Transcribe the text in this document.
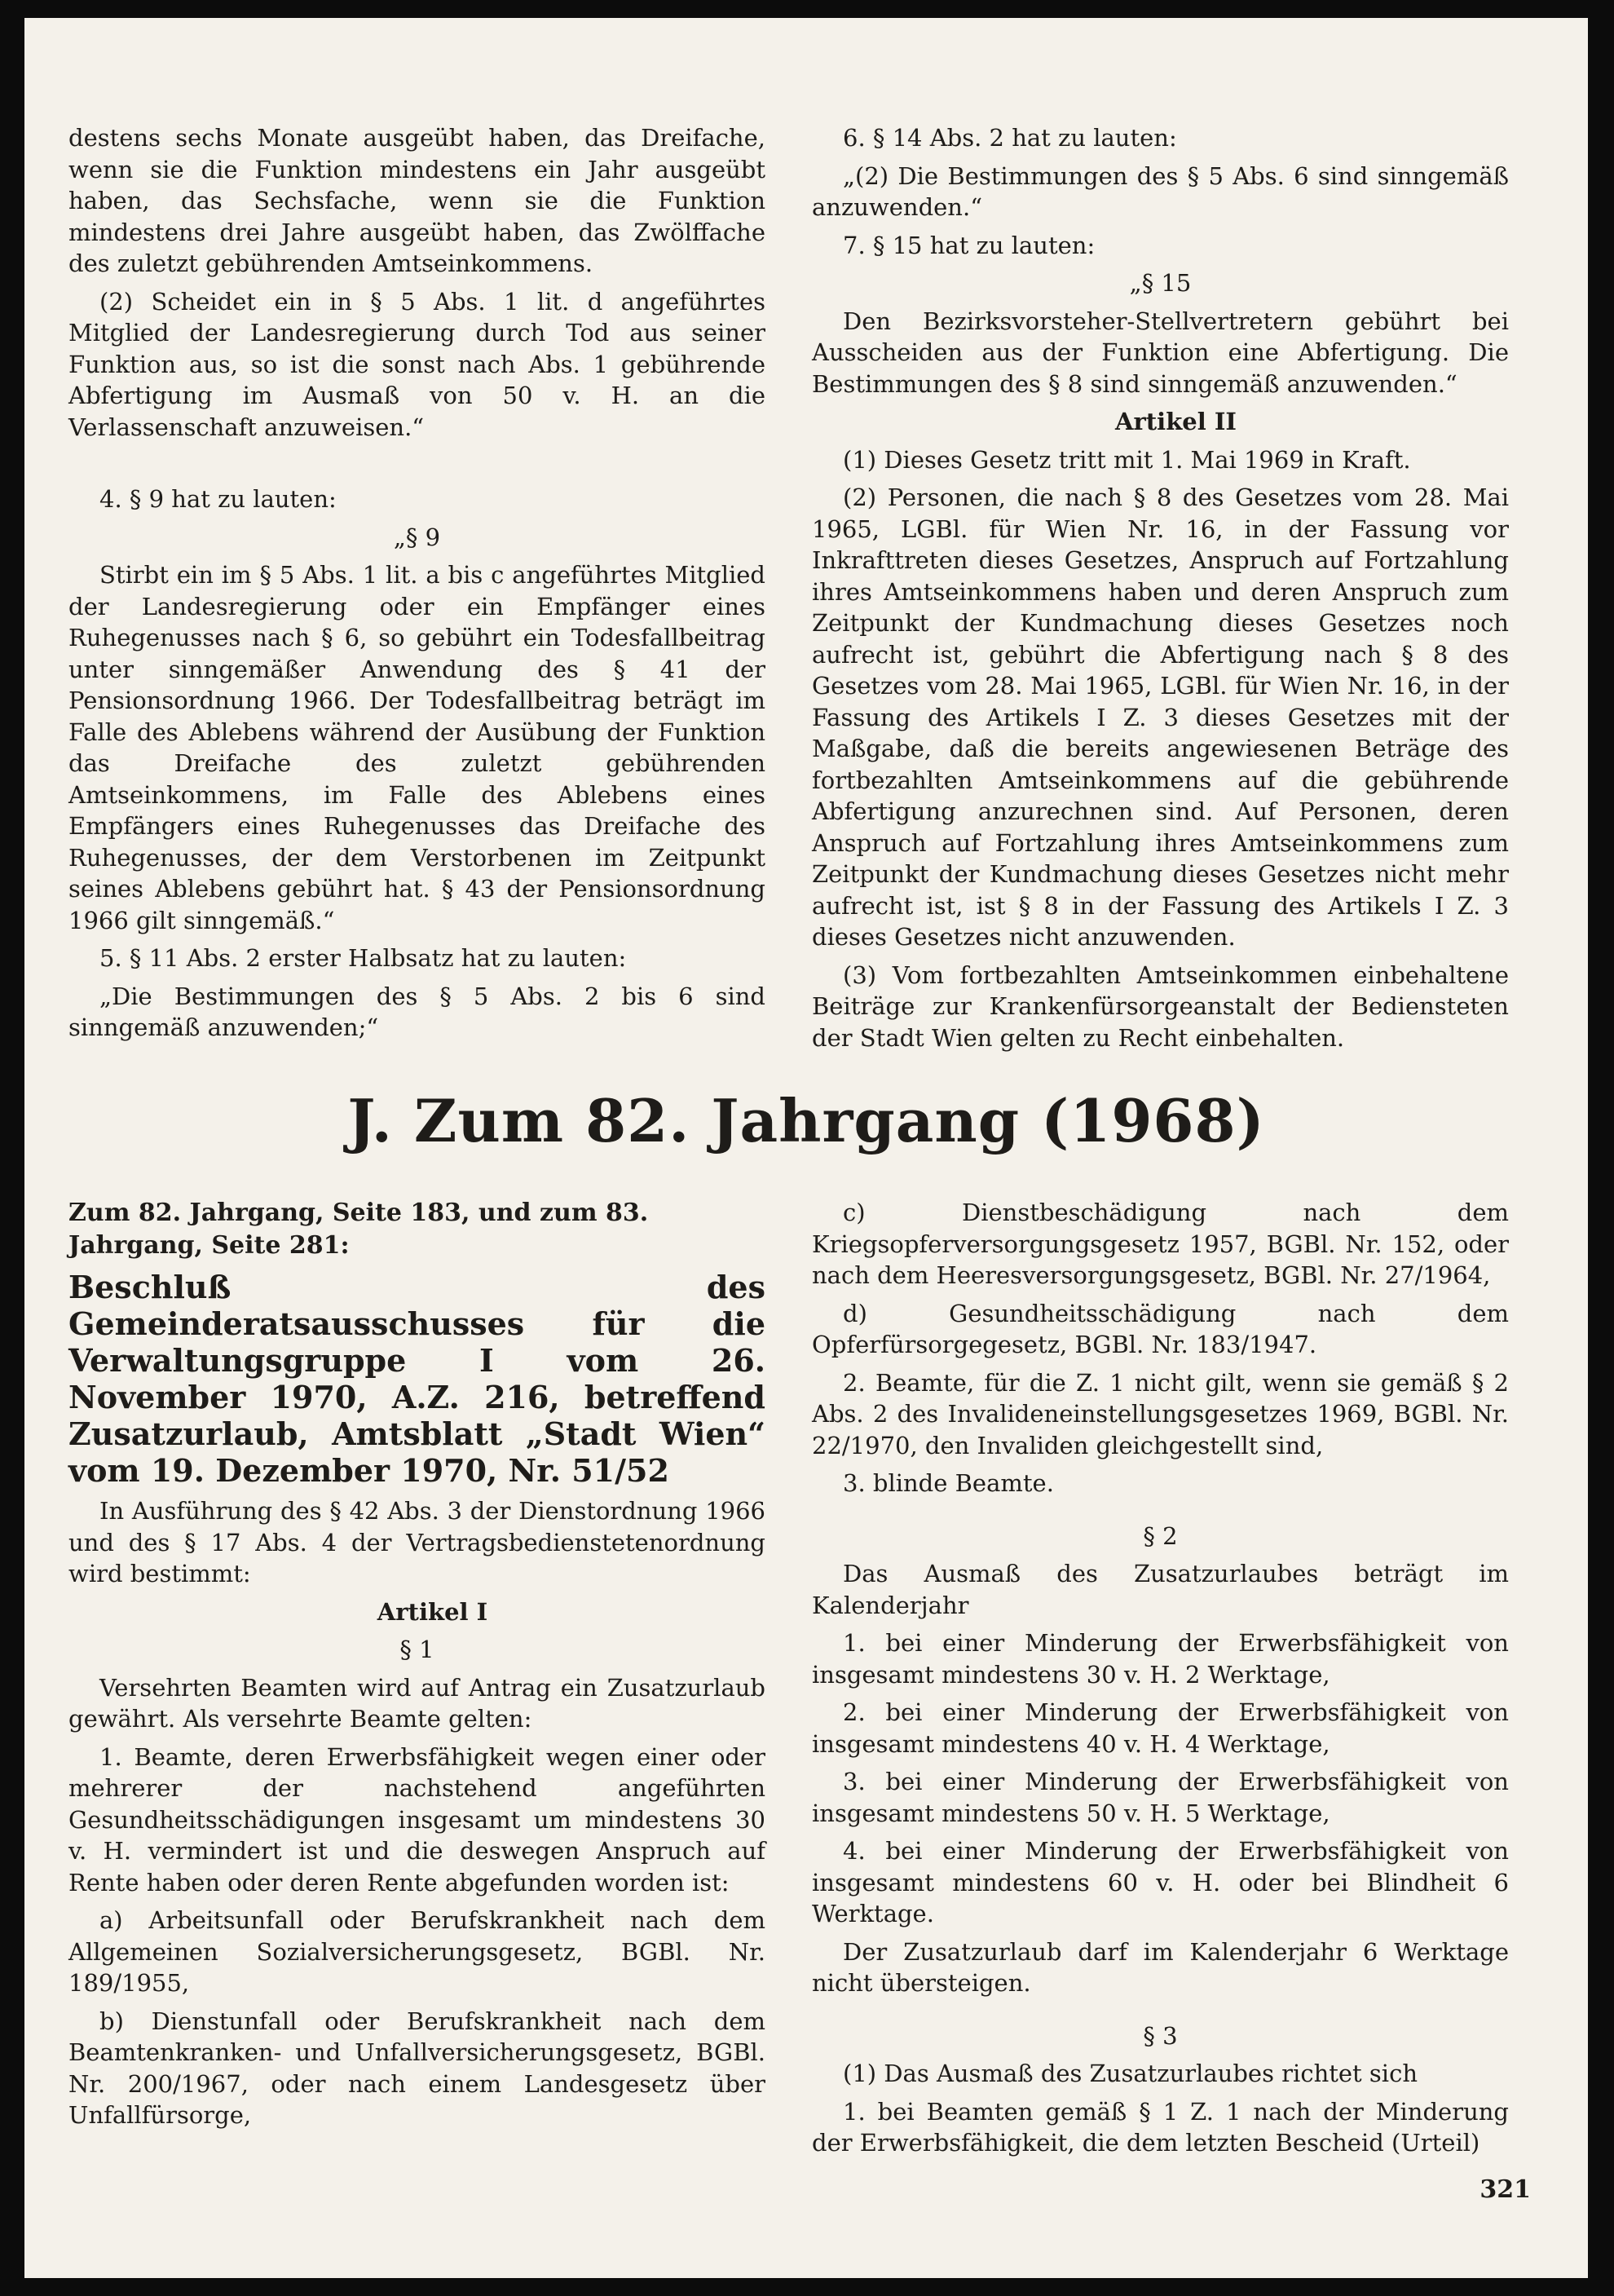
destens sechs Monate ausgeübt haben, das Dreifache, wenn sie die Funktion mindestens ein Jahr ausgeübt haben, das Sechsfache, wenn sie die Funktion mindestens drei Jahre ausgeübt haben, das Zwölffache des zuletzt gebührenden Amtseinkommens.

(2) Scheidet ein in § 5 Abs. 1 lit. d angeführtes Mitglied der Landesregierung durch Tod aus seiner Funktion aus, so ist die sonst nach Abs. 1 gebührende Abfertigung im Ausmaß von 50 v. H. an die Verlassenschaft anzuweisen.“

4. § 9 hat zu lauten:

„§ 9

Stirbt ein im § 5 Abs. 1 lit. a bis c angeführtes Mitglied der Landesregierung oder ein Empfänger eines Ruhegenusses nach § 6, so gebührt ein Todesfallbeitrag unter sinngemäßer Anwendung des § 41 der Pensionsordnung 1966. Der Todesfallbeitrag beträgt im Falle des Ablebens während der Ausübung der Funktion das Dreifache des zuletzt gebührenden Amtseinkommens, im Falle des Ablebens eines Empfängers eines Ruhegenusses das Dreifache des Ruhegenusses, der dem Verstorbenen im Zeitpunkt seines Ablebens gebührt hat. § 43 der Pensionsordnung 1966 gilt sinngemäß.“

5. § 11 Abs. 2 erster Halbsatz hat zu lauten:

„Die Bestimmungen des § 5 Abs. 2 bis 6 sind sinngemäß anzuwenden;“

6. § 14 Abs. 2 hat zu lauten:

„(2) Die Bestimmungen des § 5 Abs. 6 sind sinngemäß anzuwenden.“

7. § 15 hat zu lauten:

„§ 15

Den Bezirksvorsteher-Stellvertretern gebührt bei Ausscheiden aus der Funktion eine Abfertigung. Die Bestimmungen des § 8 sind sinngemäß anzuwenden.“

Artikel II

(1) Dieses Gesetz tritt mit 1. Mai 1969 in Kraft.

(2) Personen, die nach § 8 des Gesetzes vom 28. Mai 1965, LGBl. für Wien Nr. 16, in der Fassung vor Inkrafttreten dieses Gesetzes, Anspruch auf Fortzahlung ihres Amtseinkommens haben und deren Anspruch zum Zeitpunkt der Kundmachung dieses Gesetzes noch aufrecht ist, gebührt die Abfertigung nach § 8 des Gesetzes vom 28. Mai 1965, LGBl. für Wien Nr. 16, in der Fassung des Artikels I Z. 3 dieses Gesetzes mit der Maßgabe, daß die bereits angewiesenen Beträge des fortbezahlten Amtseinkommens auf die gebührende Abfertigung anzurechnen sind. Auf Personen, deren Anspruch auf Fortzahlung ihres Amtseinkommens zum Zeitpunkt der Kundmachung dieses Gesetzes nicht mehr aufrecht ist, ist § 8 in der Fassung des Artikels I Z. 3 dieses Gesetzes nicht anzuwenden.

(3) Vom fortbezahlten Amtseinkommen einbehaltene Beiträge zur Krankenfürsorgeanstalt der Bediensteten der Stadt Wien gelten zu Recht einbehalten.

J. Zum 82. Jahrgang (1968)

Zum 82. Jahrgang, Seite 183, und zum 83. Jahrgang, Seite 281:

Beschluß des Gemeinderatsausschusses für die Verwaltungsgruppe I vom 26. November 1970, A.Z. 216, betreffend Zusatzurlaub, Amtsblatt „Stadt Wien“ vom 19. Dezember 1970, Nr. 51/52

In Ausführung des § 42 Abs. 3 der Dienstordnung 1966 und des § 17 Abs. 4 der Vertragsbedienstetenordnung wird bestimmt:

Artikel I

§ 1

Versehrten Beamten wird auf Antrag ein Zusatzurlaub gewährt. Als versehrte Beamte gelten:

1. Beamte, deren Erwerbsfähigkeit wegen einer oder mehrerer der nachstehend angeführten Gesundheitsschädigungen insgesamt um mindestens 30 v. H. vermindert ist und die deswegen Anspruch auf Rente haben oder deren Rente abgefunden worden ist:

a) Arbeitsunfall oder Berufskrankheit nach dem Allgemeinen Sozialversicherungsgesetz, BGBl. Nr. 189/1955,

b) Dienstunfall oder Berufskrankheit nach dem Beamtenkranken- und Unfallversicherungsgesetz, BGBl. Nr. 200/1967, oder nach einem Landesgesetz über Unfallfürsorge,

c) Dienstbeschädigung nach dem Kriegsopferversorgungsgesetz 1957, BGBl. Nr. 152, oder nach dem Heeresversorgungsgesetz, BGBl. Nr. 27/1964,

d) Gesundheitsschädigung nach dem Opferfürsorgegesetz, BGBl. Nr. 183/1947.

2. Beamte, für die Z. 1 nicht gilt, wenn sie gemäß § 2 Abs. 2 des Invalideneinstellungsgesetzes 1969, BGBl. Nr. 22/1970, den Invaliden gleichgestellt sind,

3. blinde Beamte.

§ 2

Das Ausmaß des Zusatzurlaubes beträgt im Kalenderjahr

1. bei einer Minderung der Erwerbsfähigkeit von insgesamt mindestens 30 v. H. 2 Werktage,

2. bei einer Minderung der Erwerbsfähigkeit von insgesamt mindestens 40 v. H. 4 Werktage,

3. bei einer Minderung der Erwerbsfähigkeit von insgesamt mindestens 50 v. H. 5 Werktage,

4. bei einer Minderung der Erwerbsfähigkeit von insgesamt mindestens 60 v. H. oder bei Blindheit 6 Werktage.

Der Zusatzurlaub darf im Kalenderjahr 6 Werktage nicht übersteigen.

§ 3

(1) Das Ausmaß des Zusatzurlaubes richtet sich

1. bei Beamten gemäß § 1 Z. 1 nach der Minderung der Erwerbsfähigkeit, die dem letzten Bescheid (Urteil)

321
